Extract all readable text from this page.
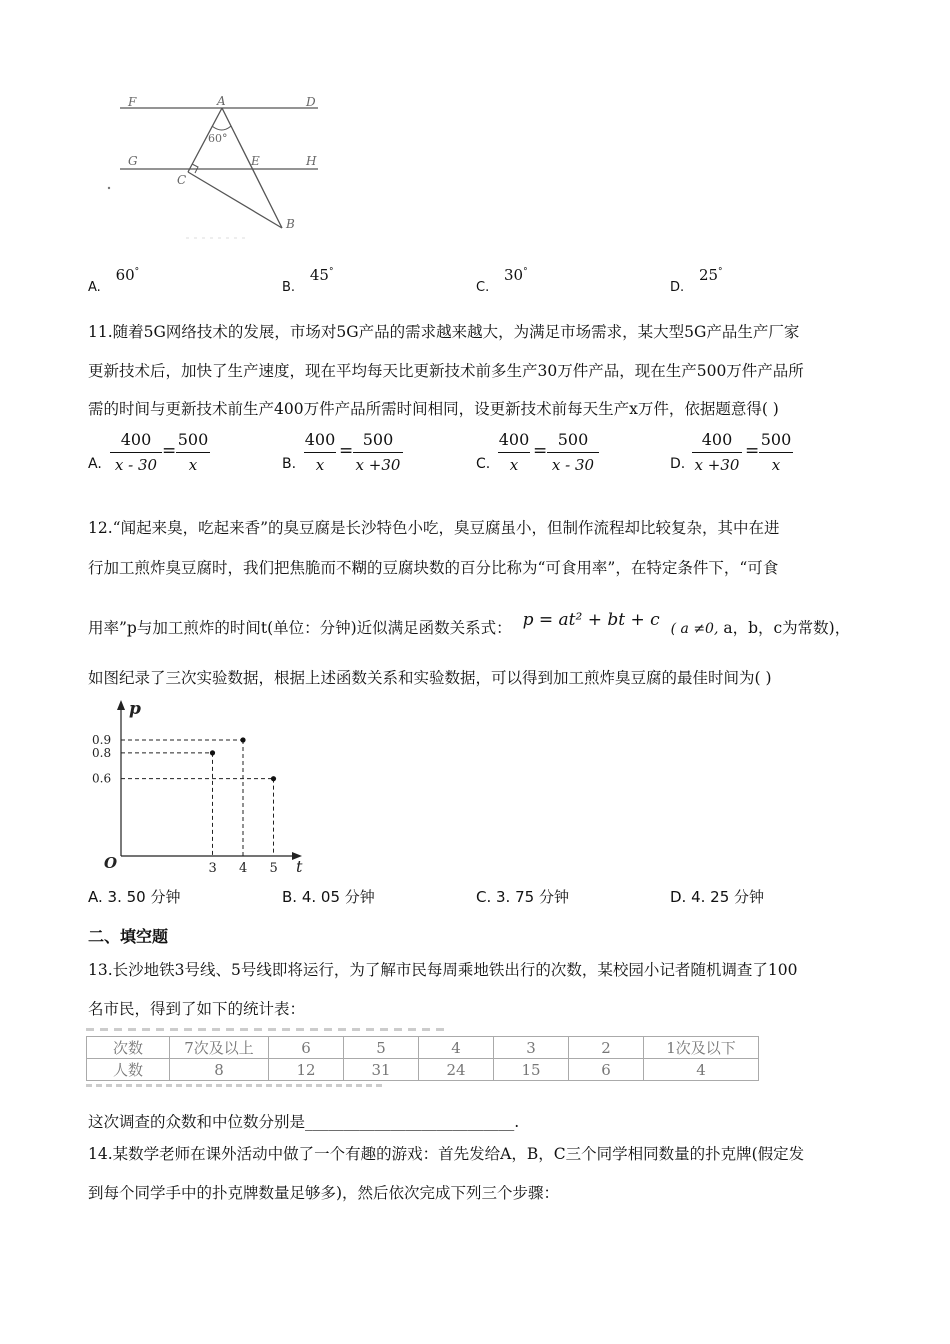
F	A	D
G	E	H
C
B
60°
A. 60°
B. 45°
C. 30°
D. 25°
11.随着5G网络技术的发展，市场对5G产品的需求越来越大，为满足市场需求，某大型5G产品生产厂家
更新技术后，加快了生产速度，现在平均每天比更新技术前多生产30万件产品，现在生产500万件产品所
需的时间与更新技术前生产400万件产品所需时间相同，设更新技术前每天生产x万件，依据题意得( )
A.
400
x - 30
=
500
x	B.
400
x
=
500
x +30	C.
400
x
=
500
x - 30	D.
400
x +30
=
500
x
12.“闻起来臭，吃起来香”的臭豆腐是长沙特色小吃，臭豆腐虽小，但制作流程却比较复杂，其中在进
行加工煎炸臭豆腐时，我们把焦脆而不糊的豆腐块数的百分比称为“可食用率”，在特定条件下，“可食
用率”p与加工煎炸的时间t(单位：分钟)近似满足函数关系式： p = at² + bt + c ( a ≠0, a，b，c为常数)，
如图纪录了三次实验数据，根据上述函数关系和实验数据，可以得到加工煎炸臭豆腐的最佳时间为( )
p
t
O	3 4 5
0.9
0.8
0.6
A. 3. 50 分钟	B. 4. 05 分钟	C. 3. 75 分钟	D. 4. 25 分钟
二、填空题
13.长沙地铁3号线、5号线即将运行，为了解市民每周乘地铁出行的次数，某校园小记者随机调查了100
名市民，得到了如下的统计表：
次数	7次及以上	6	5	4	3	2	1次及以下
人数	8	12	31	24	15	6	4
这次调查的众数和中位数分别是___________________________.
14.某数学老师在课外活动中做了一个有趣的游戏：首先发给A，B，C三个同学相同数量的扑克牌(假定发
到每个同学手中的扑克牌数量足够多)，然后依次完成下列三个步骤：
